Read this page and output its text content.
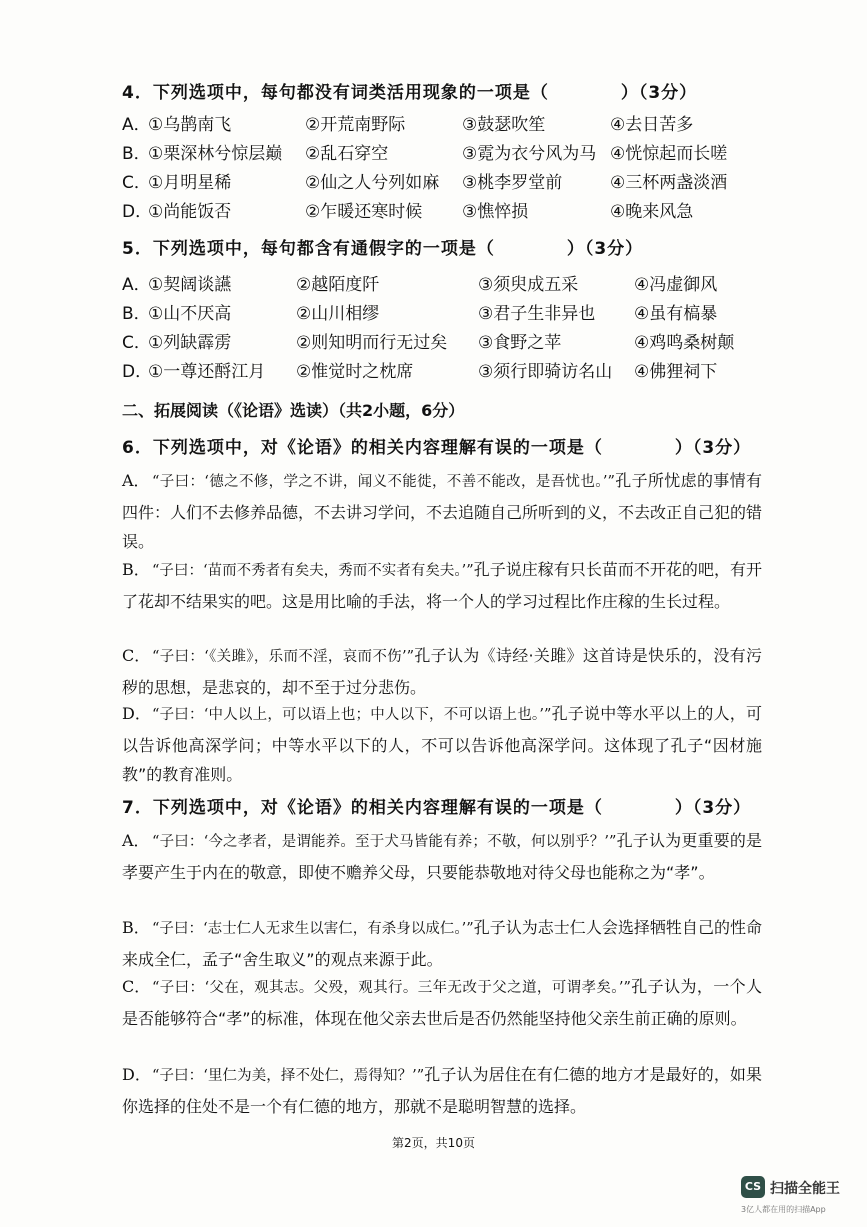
4．下列选项中，每句都没有词类活用现象的一项是（　　　　）（3分）
A．
①乌鹊南飞	②开荒南野际	③鼓瑟吹笙	④去日苦多
B．
①栗深林兮惊层巅 ②乱石穿空	③霓为衣兮风为马 ④恍惊起而长嗟
C．
①月明星稀	②仙之人兮列如麻 ③桃李罗堂前	④三杯两盏淡酒
D．
①尚能饭否	②乍暖还寒时候 ③憔悴损	④晚来风急
5．下列选项中，每句都含有通假字的一项是（　　　　）（3分）
A．
①契阔谈讌	②越陌度阡	③须臾成五采	④冯虚御风
B．
①山不厌高	②山川相缪	③君子生非异也 ④虽有槁暴
C．
①列缺霹雳	②则知明而行无过矣 ③食野之苹	④鸡鸣桑树颠
D．
①一尊还酹江月 ②惟觉时之枕席	③须行即骑访名山 ④佛狸祠下
二、拓展阅读（《论语》选读）（共2小题，6分）
6．下列选项中，对《论语》的相关内容理解有误的一项是（　　　　）（3分）
A． “子曰：‘德之不修，学之不讲，闻义不能徙，不善不能改，是吾忧也。’”孔子所忧虑的事情有四件：人们不去修养品德，不去讲习学问，不去追随自己所听到的义，不去改正自己犯的错误。
B． “子曰：‘苗而不秀者有矣夫，秀而不实者有矣夫。’”孔子说庄稼有只长苗而不开花的吧，有开了花却不结果实的吧。这是用比喻的手法，将一个人的学习过程比作庄稼的生长过程。
C． “子曰：‘《关雎》，乐而不淫，哀而不伤’”孔子认为《诗经·关雎》这首诗是快乐的，没有污秽的思想，是悲哀的，却不至于过分悲伤。
D．“子曰：‘中人以上，可以语上也；中人以下，不可以语上也。’”孔子说中等水平以上的人，可以告诉他高深学问；中等水平以下的人，不可以告诉他高深学问。这体现了孔子“因材施教”的教育准则。
7．下列选项中，对《论语》的相关内容理解有误的一项是（　　　　）（3分）
A． “子曰：‘今之孝者，是谓能养。至于犬马皆能有养；不敬，何以别乎？’”孔子认为更重要的是孝要产生于内在的敬意，即使不赡养父母，只要能恭敬地对待父母也能称之为“孝”。
B． “子曰：‘志士仁人无求生以害仁，有杀身以成仁。’”孔子认为志士仁人会选择牺牲自己的性命来成全仁，孟子“舍生取义”的观点来源于此。
C． “子曰：‘父在，观其志。父殁，观其行。三年无改于父之道，可谓孝矣。’”孔子认为，一个人是否能够符合“孝”的标准，体现在他父亲去世后是否仍然能坚持他父亲生前正确的原则。
D．“子曰：‘里仁为美，择不处仁，焉得知？’”孔子认为居住在有仁德的地方才是最好的，如果你选择的住处不是一个有仁德的地方，那就不是聪明智慧的选择。
第2页，共10页
CS 扫描全能王
3亿人都在用的扫描App
